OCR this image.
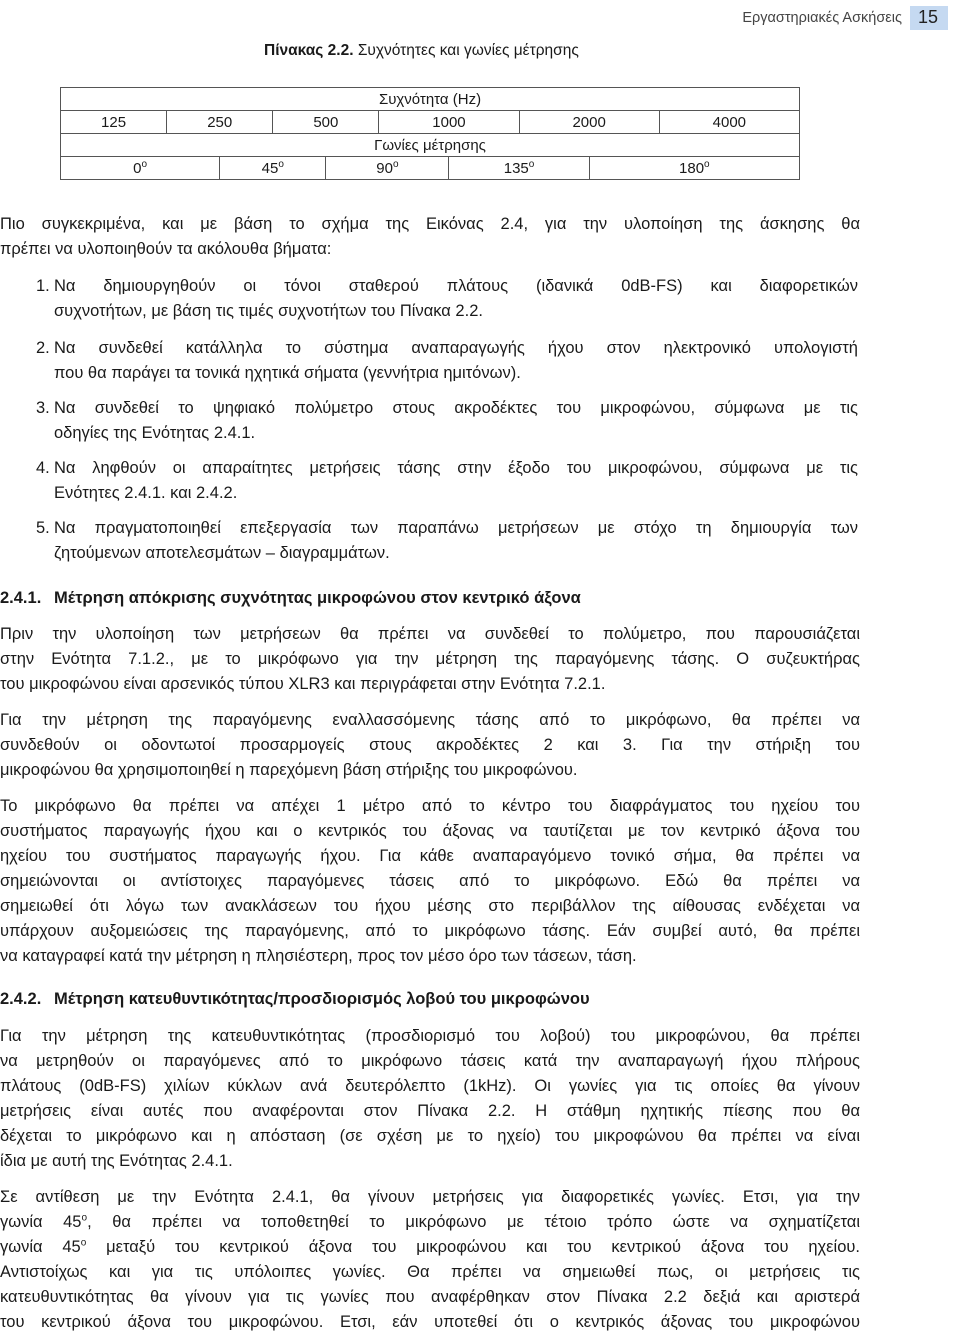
Εργαστηριακές Ασκήσεις 15
Πίνακας 2.2. Συχνότητες και γωνίες μέτρησης
Συχνότητα (Hz)									
125	250		500		1000		2000		4000
Γωνίες μέτρησης									
$0^o$		$45^o$		$90^o$		$135^o$		$180^o$
Πιο συγκεκριμένα, και με βάση το σχήμα της Εικόνας 2.4, για την υλοποίηση της άσκησης θα
πρέπει να υλοποιηθούν τα ακόλουθα βήματα:
1. Να δημιουργηθούν οι τόνοι σταθερού πλάτους (ιδανικά 0dB-FS) και διαφορετικών
συχνοτήτων, με βάση τις τιμές συχνοτήτων του Πίνακα 2.2.
2. Να συνδεθεί κατάλληλα το σύστημα αναπαραγωγής ήχου στον ηλεκτρονικό υπολογιστή
που θα παράγει τα τονικά ηχητικά σήματα (γεννήτρια ημιτόνων).
3. Να συνδεθεί το ψηφιακό πολύμετρο στους ακροδέκτες του μικροφώνου, σύμφωνα με τις
οδηγίες της Ενότητας 2.4.1.
4. Να ληφθούν οι απαραίτητες μετρήσεις τάσης στην έξοδο του μικροφώνου, σύμφωνα με τις
Ενότητες 2.4.1. και 2.4.2.
5. Να πραγματοποιηθεί επεξεργασία των παραπάνω μετρήσεων με στόχο τη δημιουργία των
ζητούμενων αποτελεσμάτων – διαγραμμάτων.
2.4.1. Μέτρηση απόκρισης συχνότητας μικροφώνου στον κεντρικό άξονα
Πριν την υλοποίηση των μετρήσεων θα πρέπει να συνδεθεί το πολύμετρο, που παρουσιάζεται
στην Ενότητα 7.1.2., με το μικρόφωνο για την μέτρηση της παραγόμενης τάσης. Ο συζευκτήρας
του μικροφώνου είναι αρσενικός τύπου XLR3 και περιγράφεται στην Ενότητα 7.2.1.
Για την μέτρηση της παραγόμενης εναλλασσόμενης τάσης από το μικρόφωνο, θα πρέπει να
συνδεθούν οι οδοντωτοί προσαρμογείς στους ακροδέκτες 2 και 3. Για την στήριξη του
μικροφώνου θα χρησιμοποιηθεί η παρεχόμενη βάση στήριξης του μικροφώνου.
Το μικρόφωνο θα πρέπει να απέχει 1 μέτρο από το κέντρο του διαφράγματος του ηχείου του
συστήματος παραγωγής ήχου και ο κεντρικός του άξονας να ταυτίζεται με τον κεντρικό άξονα του
ηχείου του συστήματος παραγωγής ήχου. Για κάθε αναπαραγόμενο τονικό σήμα, θα πρέπει να
σημειώνονται οι αντίστοιχες παραγόμενες τάσεις από το μικρόφωνο. Εδώ θα πρέπει να
σημειωθεί ότι λόγω των ανακλάσεων του ήχου μέσης στο περιβάλλον της αίθουσας ενδέχεται να
υπάρχουν αυξομειώσεις της παραγόμενης, από το μικρόφωνο τάσης. Εάν συμβεί αυτό, θα πρέπει
να καταγραφεί κατά την μέτρηση η πλησιέστερη, προς τον μέσο όρο των τάσεων, τάση.
2.4.2. Μέτρηση κατευθυντικότητας/προσδιορισμός λοβού του μικροφώνου
Για την μέτρηση της κατευθυντικότητας (προσδιορισμό του λοβού) του μικροφώνου, θα πρέπει
να μετρηθούν οι παραγόμενες από το μικρόφωνο τάσεις κατά την αναπαραγωγή ήχου πλήρους
πλάτους (0dB-FS) χιλίων κύκλων ανά δευτερόλεπτο (1kHz). Οι γωνίες για τις οποίες θα γίνουν
μετρήσεις είναι αυτές που αναφέρονται στον Πίνακα 2.2. Η στάθμη ηχητικής πίεσης που θα
δέχεται το μικρόφωνο και η απόσταση (σε σχέση με το ηχείο) του μικροφώνου θα πρέπει να είναι
ίδια με αυτή της Ενότητας 2.4.1.
Σε αντίθεση με την Ενότητα 2.4.1, θα γίνουν μετρήσεις για διαφορετικές γωνίες. Ετσι, για την
γωνία $45^o$, θα πρέπει να τοποθετηθεί το μικρόφωνο με τέτοιο τρόπο ώστε να σχηματίζεται
γωνία $45^o$ μεταξύ του κεντρικού άξονα του μικροφώνου και του κεντρικού άξονα του ηχείου.
Αντιστοίχως και για τις υπόλοιπες γωνίες. Θα πρέπει να σημειωθεί πως, οι μετρήσεις τις
κατευθυντικότητας θα γίνουν για τις γωνίες που αναφέρθηκαν στον Πίνακα 2.2 δεξιά και αριστερά
του κεντρικού άξονα του μικροφώνου. Ετσι, εάν υποτεθεί ότι ο κεντρικός άξονας του μικροφώνου
